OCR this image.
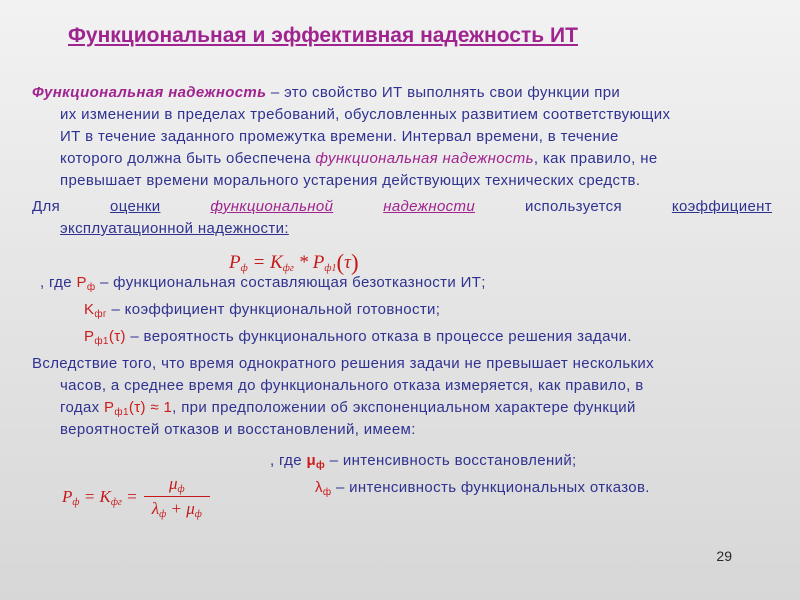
Функциональная и эффективная надежность ИТ
Функциональная надежность – это свойство ИТ выполнять свои функции при
их изменении в пределах требований, обусловленных развитием соответствующих
ИТ в течение заданного промежутка времени. Интервал времени, в течение
которого должна быть обеспечена функциональная надежность, как правило, не
превышает времени морального устарения действующих технических средств.
Для	оценки	функциональной	надежности	используется	коэффициент
эксплуатационной надежности:
$P_ф = K_{фг} * P_{ф1}(\tau)$
, где $P_ф$ – функциональная составляющая безотказности ИТ;
$K_{фг}$ – коэффициент функциональной готовности;
$P_{ф1}(\tau)$ – вероятность функционального отказа в процессе решения задачи.
Вследствие того, что время однократного решения задачи не превышает нескольких
часов, а среднее время до функционального отказа измеряется, как правило, в
годах $P_{ф1}(\tau) \approx 1$, при предположении об экспоненциальном характере функций
вероятностей отказов и восстановлений, имеем:
, где $\mu_ф$ – интенсивность восстановлений;
$\lambda_ф$ – интенсивность функциональных отказов.
$P_ф = K_{фг}$ =
$\mu_ф$
$\lambda_ф + \mu_ф$
29
